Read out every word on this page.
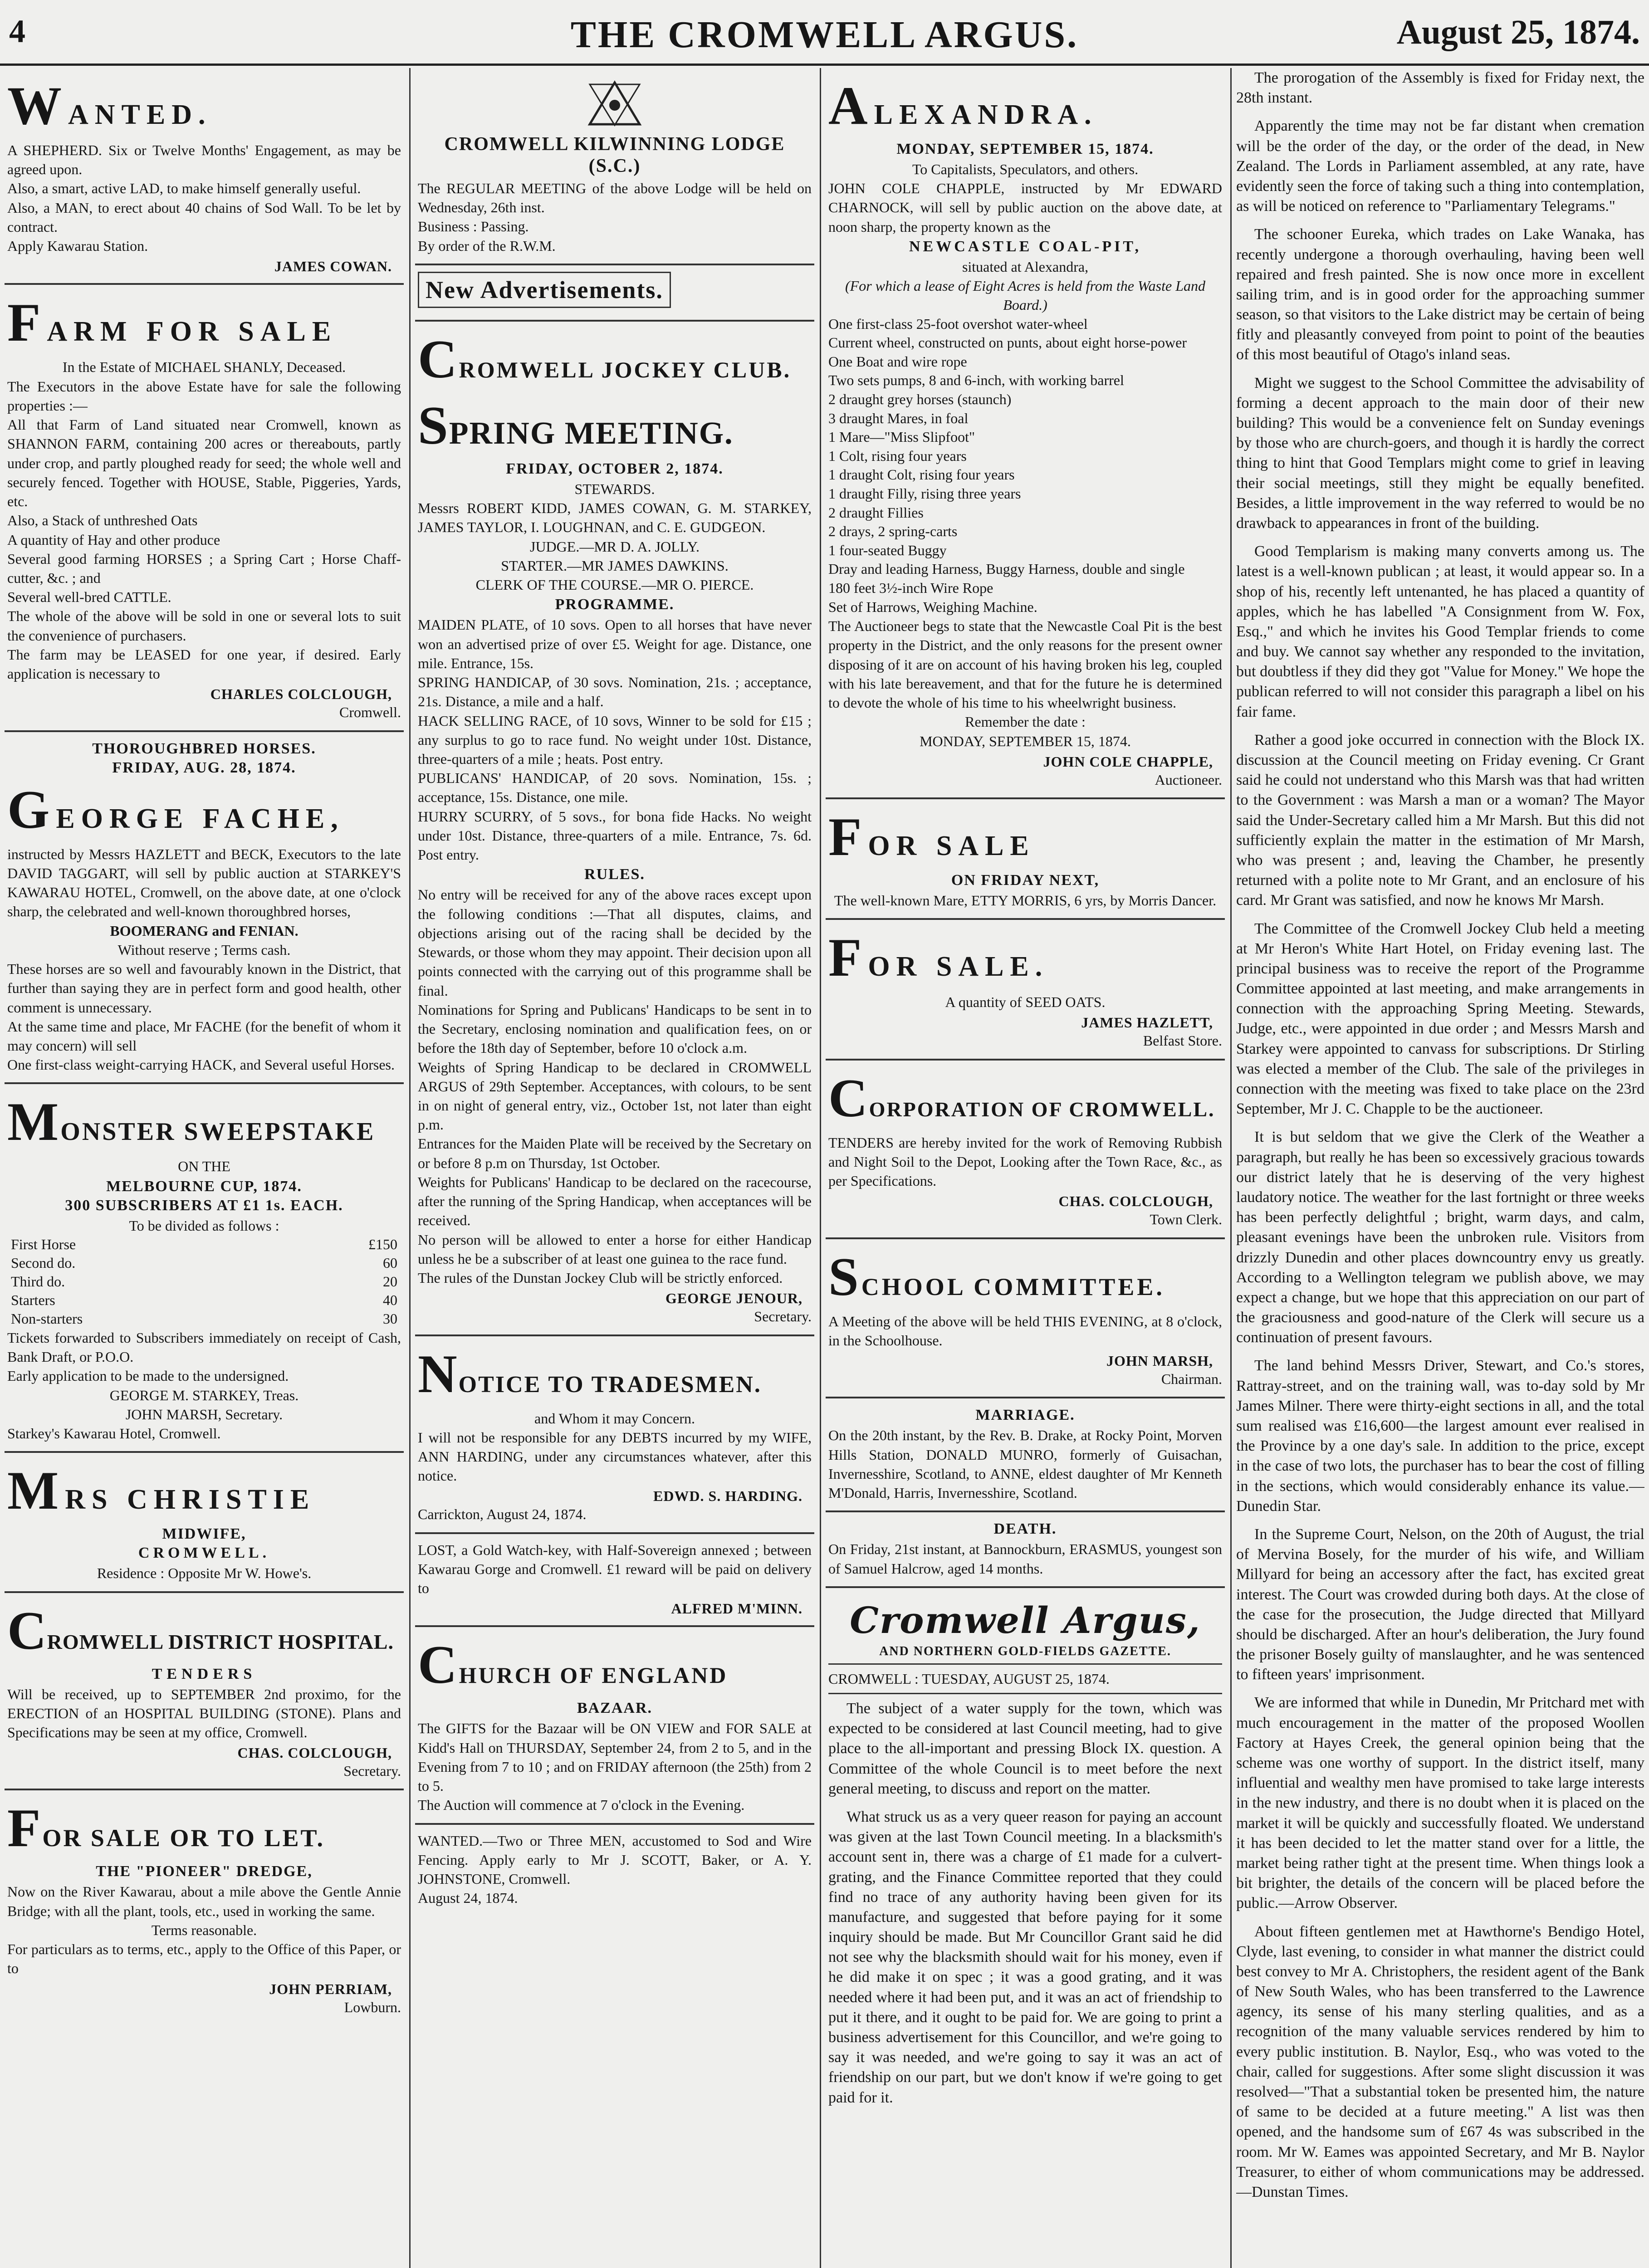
4	THE CROMWELL ARGUS.	August 25, 1874.
WANTED.

A SHEPHERD. Six or Twelve Months' Engagement, as may be agreed upon.

Also, a smart, active LAD, to make himself generally useful.

Also, a MAN, to erect about 40 chains of Sod Wall. To be let by contract.

Apply Kawarau Station.

JAMES COWAN.
FARM FOR SALE

In the Estate of MICHAEL SHANLY, Deceased.

The Executors in the above Estate have for sale the following properties :—

All that Farm of Land situated near Cromwell, known as SHANNON FARM, containing 200 acres or thereabouts, partly under crop, and partly ploughed ready for seed; the whole well and securely fenced. Together with HOUSE, Stable, Piggeries, Yards, etc.

Also, a Stack of unthreshed Oats

A quantity of Hay and other produce

Several good farming HORSES ; a Spring Cart ; Horse Chaff-cutter, &c. ; and

Several well-bred CATTLE.

The whole of the above will be sold in one or several lots to suit the convenience of purchasers.

The farm may be LEASED for one year, if desired. Early application is necessary to

CHARLES COLCLOUGH,

Cromwell.

THOROUGHBRED HORSES.
FRIDAY, AUG. 28, 1874.
GEORGE FACHE,

instructed by Messrs HAZLETT and BECK, Executors to the late DAVID TAGGART, will sell by public auction at STARKEY'S KAWARAU HOTEL, Cromwell, on the above date, at one o'clock sharp, the celebrated and well-known thoroughbred horses,

BOOMERANG and FENIAN.

Without reserve ; Terms cash.

These horses are so well and favourably known in the District, that further than saying they are in perfect form and good health, other comment is unnecessary.

At the same time and place, Mr FACHE (for the benefit of whom it may concern) will sell

One first-class weight-carrying HACK, and Several useful Horses.

MONSTER SWEEPSTAKE

ON THE

MELBOURNE CUP, 1874.
300 SUBSCRIBERS AT £1 1s. EACH.

To be divided as follows :

First Horse	£150
Second do.	60
Third do.	20
Starters	40
Non-starters	30

Tickets forwarded to Subscribers immediately on receipt of Cash, Bank Draft, or P.O.O.

Early application to be made to the undersigned.

GEORGE M. STARKEY, Treas.

JOHN MARSH, Secretary.

Starkey's Kawarau Hotel, Cromwell.

MRS CHRISTIE
MIDWIFE,
CROMWELL.

Residence : Opposite Mr W. Howe's.

CROMWELL DISTRICT HOSPITAL.
TENDERS

Will be received, up to SEPTEMBER 2nd proximo, for the ERECTION of an HOSPITAL BUILDING (STONE). Plans and Specifications may be seen at my office, Cromwell.

CHAS. COLCLOUGH,

Secretary.

FOR SALE OR TO LET.
THE "PIONEER" DREDGE,

Now on the River Kawarau, about a mile above the Gentle Annie Bridge; with all the plant, tools, etc., used in working the same.

Terms reasonable.

For particulars as to terms, etc., apply to the Office of this Paper, or to

JOHN PERRIAM,

Lowburn.

CROMWELL KILWINNING LODGE (S.C.)

The REGULAR MEETING of the above Lodge will be held on Wednesday, 26th inst.

Business : Passing.

By order of the R.W.M.

New Advertisements.
CROMWELL JOCKEY CLUB.
SPRING MEETING.
FRIDAY, OCTOBER 2, 1874.

STEWARDS.

Messrs ROBERT KIDD, JAMES COWAN, G. M. STARKEY, JAMES TAYLOR, I. LOUGHNAN, and C. E. GUDGEON.

JUDGE.—MR D. A. JOLLY.

STARTER.—MR JAMES DAWKINS.

CLERK OF THE COURSE.—MR O. PIERCE.

PROGRAMME.

MAIDEN PLATE, of 10 sovs. Open to all horses that have never won an advertised prize of over £5. Weight for age. Distance, one mile. Entrance, 15s.

SPRING HANDICAP, of 30 sovs. Nomination, 21s. ; acceptance, 21s. Distance, a mile and a half.

HACK SELLING RACE, of 10 sovs, Winner to be sold for £15 ; any surplus to go to race fund. No weight under 10st. Distance, three-quarters of a mile ; heats. Post entry.

PUBLICANS' HANDICAP, of 20 sovs. Nomination, 15s. ; acceptance, 15s. Distance, one mile.

HURRY SCURRY, of 5 sovs., for bona fide Hacks. No weight under 10st. Distance, three-quarters of a mile. Entrance, 7s. 6d. Post entry.

RULES.

No entry will be received for any of the above races except upon the following conditions :—That all disputes, claims, and objections arising out of the racing shall be decided by the Stewards, or those whom they may appoint. Their decision upon all points connected with the carrying out of this programme shall be final.

Nominations for Spring and Publicans' Handicaps to be sent in to the Secretary, enclosing nomination and qualification fees, on or before the 18th day of September, before 10 o'clock a.m.

Weights of Spring Handicap to be declared in CROMWELL ARGUS of 29th September. Acceptances, with colours, to be sent in on night of general entry, viz., October 1st, not later than eight p.m.

Entrances for the Maiden Plate will be received by the Secretary on or before 8 p.m on Thursday, 1st October.

Weights for Publicans' Handicap to be declared on the racecourse, after the running of the Spring Handicap, when acceptances will be received.

No person will be allowed to enter a horse for either Handicap unless he be a subscriber of at least one guinea to the race fund.

The rules of the Dunstan Jockey Club will be strictly enforced.

GEORGE JENOUR,

Secretary.

NOTICE TO TRADESMEN.

and Whom it may Concern.

I will not be responsible for any DEBTS incurred by my WIFE, ANN HARDING, under any circumstances whatever, after this notice.

EDWD. S. HARDING.

Carrickton, August 24, 1874.

LOST, a Gold Watch-key, with Half-Sovereign annexed ; between Kawarau Gorge and Cromwell. £1 reward will be paid on delivery to

ALFRED M'MINN.
CHURCH OF ENGLAND
BAZAAR.

The GIFTS for the Bazaar will be ON VIEW and FOR SALE at Kidd's Hall on THURSDAY, September 24, from 2 to 5, and in the Evening from 7 to 10 ; and on FRIDAY afternoon (the 25th) from 2 to 5.

The Auction will commence at 7 o'clock in the Evening.

WANTED.—Two or Three MEN, accustomed to Sod and Wire Fencing. Apply early to Mr J. SCOTT, Baker, or A. Y. JOHNSTONE, Cromwell.

August 24, 1874.

ALEXANDRA.
MONDAY, SEPTEMBER 15, 1874.

To Capitalists, Speculators, and others.

JOHN COLE CHAPPLE, instructed by Mr EDWARD CHARNOCK, will sell by public auction on the above date, at noon sharp, the property known as the

NEWCASTLE COAL-PIT,

situated at Alexandra,

(For which a lease of Eight Acres is held from the Waste Land Board.)

One first-class 25-foot overshot water-wheel
Current wheel, constructed on punts, about eight horse-power
One Boat and wire rope
Two sets pumps, 8 and 6-inch, with working barrel
2 draught grey horses (staunch)
3 draught Mares, in foal
1 Mare—"Miss Slipfoot"
1 Colt, rising four years
1 draught Colt, rising four years
1 draught Filly, rising three years
2 draught Fillies
2 drays, 2 spring-carts
1 four-seated Buggy
Dray and leading Harness, Buggy Harness, double and single
180 feet 3½-inch Wire Rope
Set of Harrows, Weighing Machine.

The Auctioneer begs to state that the Newcastle Coal Pit is the best property in the District, and the only reasons for the present owner disposing of it are on account of his having broken his leg, coupled with his late bereavement, and that for the future he is determined to devote the whole of his time to his wheelwright business.

Remember the date :

MONDAY, SEPTEMBER 15, 1874.

JOHN COLE CHAPPLE,

Auctioneer.

FOR SALE
ON FRIDAY NEXT,

The well-known Mare, ETTY MORRIS, 6 yrs, by Morris Dancer.

FOR SALE.

A quantity of SEED OATS.

JAMES HAZLETT,

Belfast Store.

CORPORATION OF CROMWELL.

TENDERS are hereby invited for the work of Removing Rubbish and Night Soil to the Depot, Looking after the Town Race, &c., as per Specifications.

CHAS. COLCLOUGH,

Town Clerk.

SCHOOL COMMITTEE.

A Meeting of the above will be held THIS EVENING, at 8 o'clock, in the Schoolhouse.

JOHN MARSH,

Chairman.

MARRIAGE.

On the 20th instant, by the Rev. B. Drake, at Rocky Point, Morven Hills Station, DONALD MUNRO, formerly of Guisachan, Invernesshire, Scotland, to ANNE, eldest daughter of Mr Kenneth M'Donald, Harris, Invernesshire, Scotland.

DEATH.

On Friday, 21st instant, at Bannockburn, ERASMUS, youngest son of Samuel Halcrow, aged 14 months.

Cromwell Argus,
AND NORTHERN GOLD-FIELDS GAZETTE.

CROMWELL : TUESDAY, AUGUST 25, 1874.

The subject of a water supply for the town, which was expected to be considered at last Council meeting, had to give place to the all-important and pressing Block IX. question. A Committee of the whole Council is to meet before the next general meeting, to discuss and report on the matter.

What struck us as a very queer reason for paying an account was given at the last Town Council meeting. In a blacksmith's account sent in, there was a charge of £1 made for a culvert-grating, and the Finance Committee reported that they could find no trace of any authority having been given for its manufacture, and suggested that before paying for it some inquiry should be made. But Mr Councillor Grant said he did not see why the blacksmith should wait for his money, even if he did make it on spec ; it was a good grating, and it was needed where it had been put, and it was an act of friendship to put it there, and it ought to be paid for. We are going to print a business advertisement for this Councillor, and we're going to say it was needed, and we're going to say it was an act of friendship on our part, but we don't know if we're going to get paid for it.

The prorogation of the Assembly is fixed for Friday next, the 28th instant.

Apparently the time may not be far distant when cremation will be the order of the day, or the order of the dead, in New Zealand. The Lords in Parliament assembled, at any rate, have evidently seen the force of taking such a thing into contemplation, as will be noticed on reference to "Parliamentary Telegrams."

The schooner Eureka, which trades on Lake Wanaka, has recently undergone a thorough overhauling, having been well repaired and fresh painted. She is now once more in excellent sailing trim, and is in good order for the approaching summer season, so that visitors to the Lake district may be certain of being fitly and pleasantly conveyed from point to point of the beauties of this most beautiful of Otago's inland seas.

Might we suggest to the School Committee the advisability of forming a decent approach to the main door of their new building? This would be a convenience felt on Sunday evenings by those who are church-goers, and though it is hardly the correct thing to hint that Good Templars might come to grief in leaving their social meetings, still they might be equally benefited. Besides, a little improvement in the way referred to would be no drawback to appearances in front of the building.

Good Templarism is making many converts among us. The latest is a well-known publican ; at least, it would appear so. In a shop of his, recently left untenanted, he has placed a quantity of apples, which he has labelled "A Consignment from W. Fox, Esq.," and which he invites his Good Templar friends to come and buy. We cannot say whether any responded to the invitation, but doubtless if they did they got "Value for Money." We hope the publican referred to will not consider this paragraph a libel on his fair fame.

Rather a good joke occurred in connection with the Block IX. discussion at the Council meeting on Friday evening. Cr Grant said he could not understand who this Marsh was that had written to the Government : was Marsh a man or a woman? The Mayor said the Under-Secretary called him a Mr Marsh. But this did not sufficiently explain the matter in the estimation of Mr Marsh, who was present ; and, leaving the Chamber, he presently returned with a polite note to Mr Grant, and an enclosure of his card. Mr Grant was satisfied, and now he knows Mr Marsh.

The Committee of the Cromwell Jockey Club held a meeting at Mr Heron's White Hart Hotel, on Friday evening last. The principal business was to receive the report of the Programme Committee appointed at last meeting, and make arrangements in connection with the approaching Spring Meeting. Stewards, Judge, etc., were appointed in due order ; and Messrs Marsh and Starkey were appointed to canvass for subscriptions. Dr Stirling was elected a member of the Club. The sale of the privileges in connection with the meeting was fixed to take place on the 23rd September, Mr J. C. Chapple to be the auctioneer.

It is but seldom that we give the Clerk of the Weather a paragraph, but really he has been so excessively gracious towards our district lately that he is deserving of the very highest laudatory notice. The weather for the last fortnight or three weeks has been perfectly delightful ; bright, warm days, and calm, pleasant evenings have been the unbroken rule. Visitors from drizzly Dunedin and other places downcountry envy us greatly. According to a Wellington telegram we publish above, we may expect a change, but we hope that this appreciation on our part of the graciousness and good-nature of the Clerk will secure us a continuation of present favours.

The land behind Messrs Driver, Stewart, and Co.'s stores, Rattray-street, and on the training wall, was to-day sold by Mr James Milner. There were thirty-eight sections in all, and the total sum realised was £16,600—the largest amount ever realised in the Province by a one day's sale. In addition to the price, except in the case of two lots, the purchaser has to bear the cost of filling in the sections, which would considerably enhance its value.—Dunedin Star.

In the Supreme Court, Nelson, on the 20th of August, the trial of Mervina Bosely, for the murder of his wife, and William Millyard for being an accessory after the fact, has excited great interest. The Court was crowded during both days. At the close of the case for the prosecution, the Judge directed that Millyard should be discharged. After an hour's deliberation, the Jury found the prisoner Bosely guilty of manslaughter, and he was sentenced to fifteen years' imprisonment.

We are informed that while in Dunedin, Mr Pritchard met with much encouragement in the matter of the proposed Woollen Factory at Hayes Creek, the general opinion being that the scheme was one worthy of support. In the district itself, many influential and wealthy men have promised to take large interests in the new industry, and there is no doubt when it is placed on the market it will be quickly and successfully floated. We understand it has been decided to let the matter stand over for a little, the market being rather tight at the present time. When things look a bit brighter, the details of the concern will be placed before the public.—Arrow Observer.

About fifteen gentlemen met at Hawthorne's Bendigo Hotel, Clyde, last evening, to consider in what manner the district could best convey to Mr A. Christophers, the resident agent of the Bank of New South Wales, who has been transferred to the Lawrence agency, its sense of his many sterling qualities, and as a recognition of the many valuable services rendered by him to every public institution. B. Naylor, Esq., who was voted to the chair, called for suggestions. After some slight discussion it was resolved—"That a substantial token be presented him, the nature of same to be decided at a future meeting." A list was then opened, and the handsome sum of £67 4s was subscribed in the room. Mr W. Eames was appointed Secretary, and Mr B. Naylor Treasurer, to either of whom communications may be addressed.—Dunstan Times.
